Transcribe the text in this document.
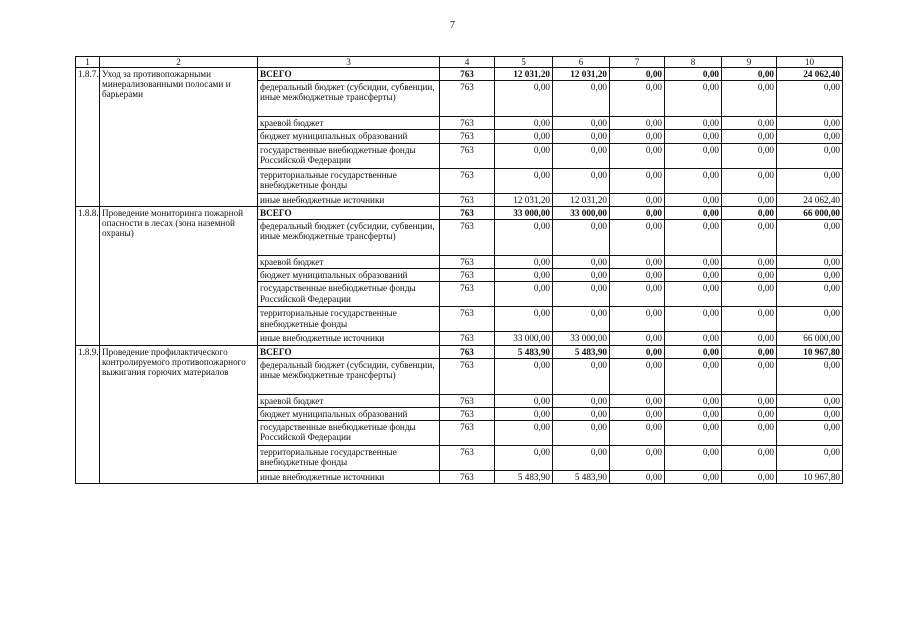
7
1	2	3	4	5	6	7	8	9	10
1.8.7.	Уход за противопожарными минерализованными полосами и барьерами	ВСЕГО	763	12 031,20	12 031,20	0,00	0,00	0,00	24 062,40
		федеральный бюджет (субсидии, субвенции, иные межбюджетные трансферты)	763	0,00	0,00	0,00	0,00	0,00	0,00
		краевой бюджет	763	0,00	0,00	0,00	0,00	0,00	0,00
		бюджет муниципальных образований	763	0,00	0,00	0,00	0,00	0,00	0,00
		государственные внебюджетные фонды Российской Федерации	763	0,00	0,00	0,00	0,00	0,00	0,00
		территориальные государственные внебюджетные фонды	763	0,00	0,00	0,00	0,00	0,00	0,00
		иные внебюджетные источники	763	12 031,20	12 031,20	0,00	0,00	0,00	24 062,40
1.8.8.	Проведение мониторинга пожарной опасности в лесах (зона наземной охраны)	ВСЕГО	763	33 000,00	33 000,00	0,00	0,00	0,00	66 000,00
		федеральный бюджет (субсидии, субвенции, иные межбюджетные трансферты)	763	0,00	0,00	0,00	0,00	0,00	0,00
		краевой бюджет	763	0,00	0,00	0,00	0,00	0,00	0,00
		бюджет муниципальных образований	763	0,00	0,00	0,00	0,00	0,00	0,00
		государственные внебюджетные фонды Российской Федерации	763	0,00	0,00	0,00	0,00	0,00	0,00
		территориальные государственные внебюджетные фонды	763	0,00	0,00	0,00	0,00	0,00	0,00
		иные внебюджетные источники	763	33 000,00	33 000,00	0,00	0,00	0,00	66 000,00
1.8.9.	Проведение профилактического контролируемого противопожарного выжигания горючих материалов	ВСЕГО	763	5 483,90	5 483,90	0,00	0,00	0,00	10 967,80
		федеральный бюджет (субсидии, субвенции, иные межбюджетные трансферты)	763	0,00	0,00	0,00	0,00	0,00	0,00
		краевой бюджет	763	0,00	0,00	0,00	0,00	0,00	0,00
		бюджет муниципальных образований	763	0,00	0,00	0,00	0,00	0,00	0,00
		государственные внебюджетные фонды Российской Федерации	763	0,00	0,00	0,00	0,00	0,00	0,00
		территориальные государственные внебюджетные фонды	763	0,00	0,00	0,00	0,00	0,00	0,00
		иные внебюджетные источники	763	5 483,90	5 483,90	0,00	0,00	0,00	10 967,80
